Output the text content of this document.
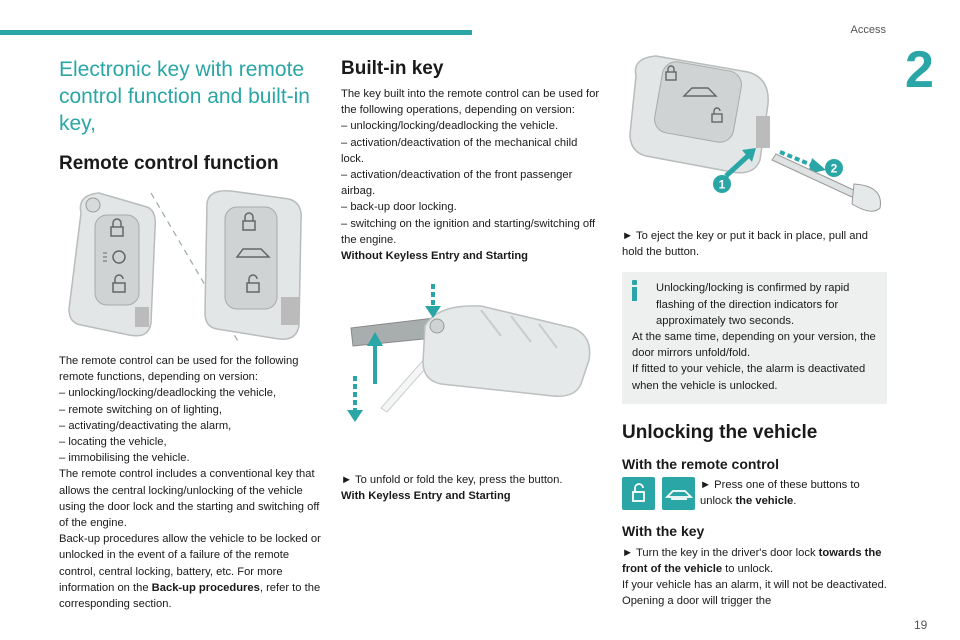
Access
2
19
Electronic key with remote control function and built-in key,
Remote control function

The remote control can be used for the following remote functions, depending on version:

– unlocking/locking/deadlocking the vehicle,
– remote switching on of lighting,
– activating/deactivating the alarm,
– locating the vehicle,
– immobilising the vehicle.

The remote control includes a conventional key that allows the central locking/unlocking of the vehicle using the door lock and the starting and switching off of the engine.

Back-up procedures allow the vehicle to be locked or unlocked in the event of a failure of the remote control, central locking, battery, etc. For more information on the Back-up procedures, refer to the corresponding section.

Built-in key

The key built into the remote control can be used for the following operations, depending on version:

– unlocking/locking/deadlocking the vehicle.
– activation/deactivation of the mechanical child lock.
– activation/deactivation of the front passenger airbag.
– back-up door locking.
– switching on the ignition and starting/switching off the engine.
Without Keyless Entry and Starting

► To unfold or fold the key, press the button.

With Keyless Entry and Starting

1
2

► To eject the key or put it back in place, pull and hold the button.

Unlocking/locking is confirmed by rapid flashing of the direction indicators for approximately two seconds.

At the same time, depending on your version, the door mirrors unfold/fold.

If fitted to your vehicle, the alarm is deactivated when the vehicle is unlocked.

Unlocking the vehicle
With the remote control

► Press one of these buttons to unlock the vehicle.

With the key

► Turn the key in the driver's door lock towards the front of the vehicle to unlock.

If your vehicle has an alarm, it will not be deactivated. Opening a door will trigger the
